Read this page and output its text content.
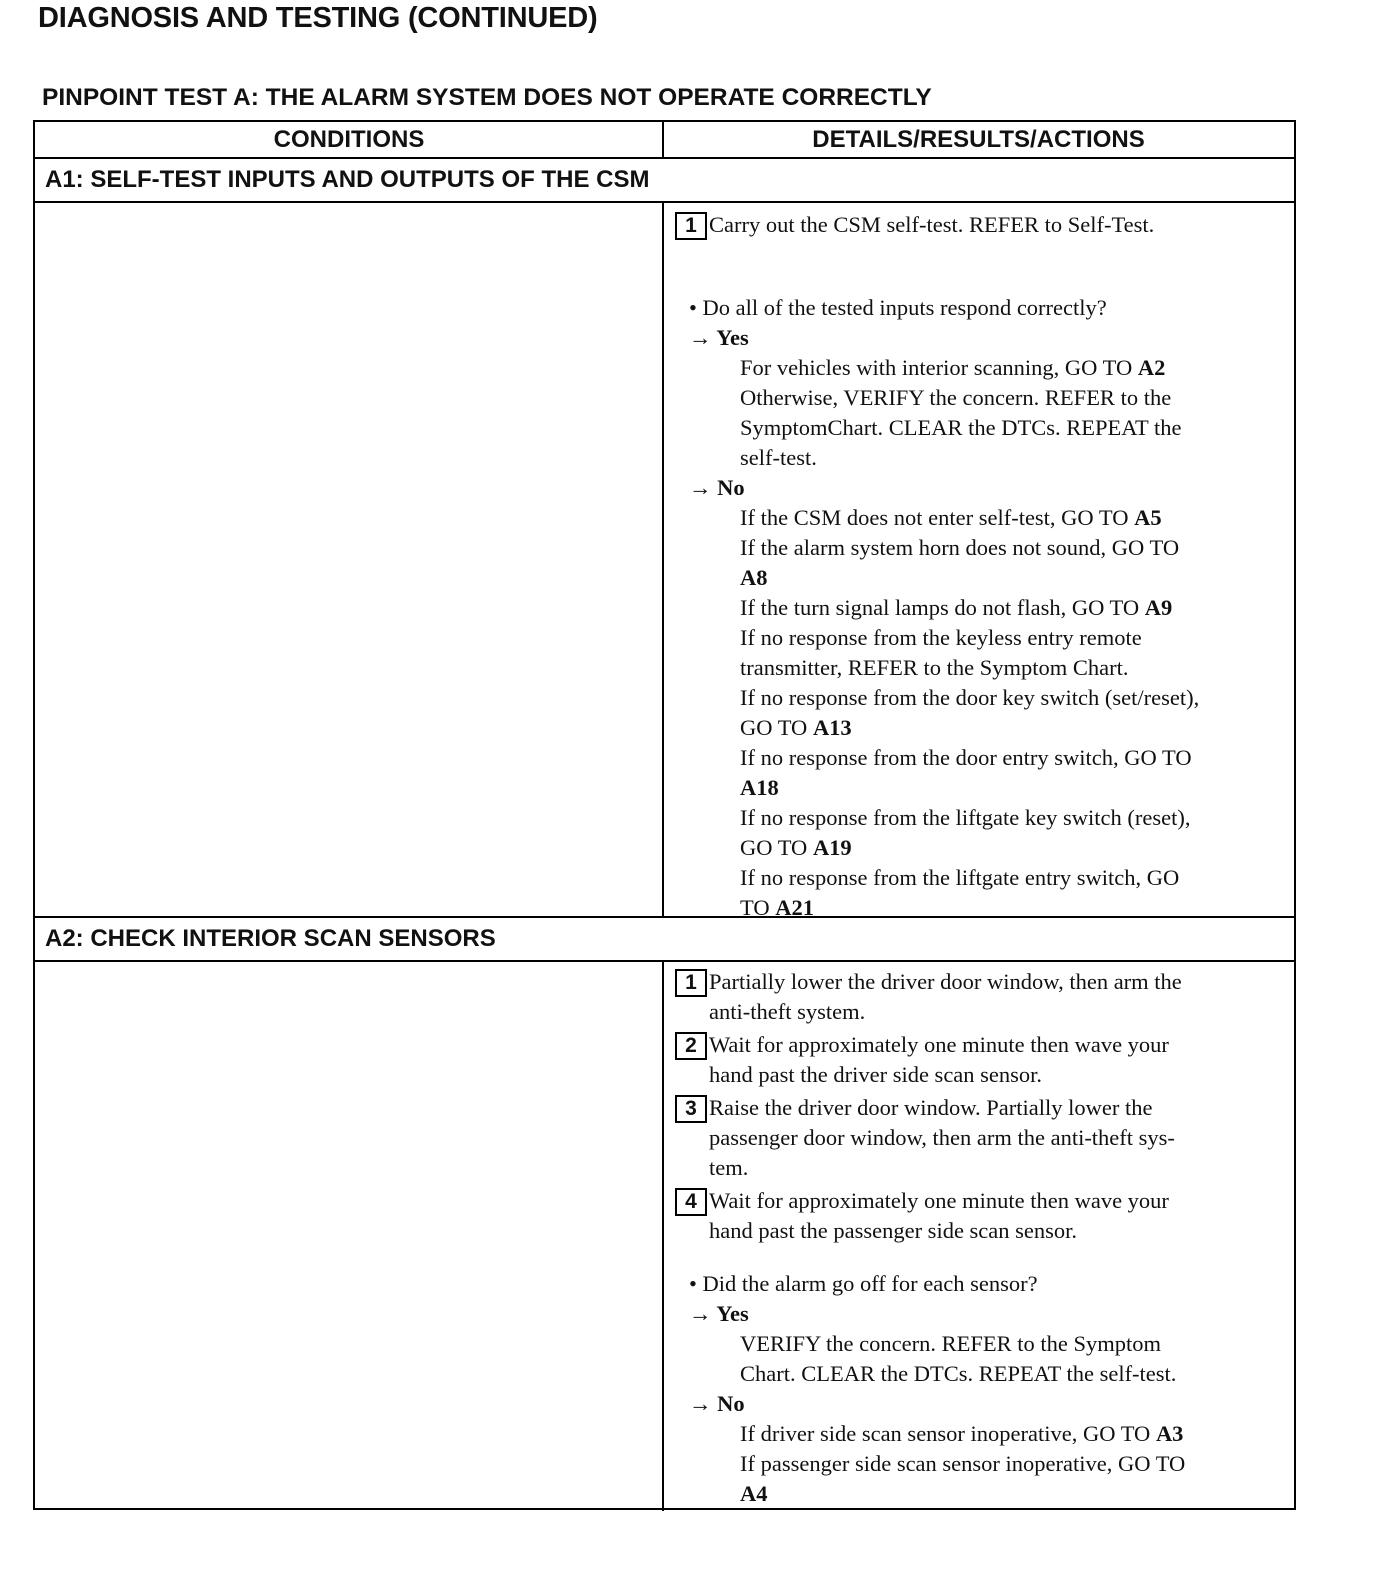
DIAGNOSIS AND TESTING (CONTINUED)
PINPOINT TEST A: THE ALARM SYSTEM DOES NOT OPERATE CORRECTLY
CONDITIONS	DETAILS/RESULTS/ACTIONS
A1: SELF-TEST INPUTS AND OUTPUTS OF THE CSM
1 Carry out the CSM self-test. REFER to Self-Test.
• Do all of the tested inputs respond correctly?
→ Yes
For vehicles with interior scanning, GO TO A2
Otherwise, VERIFY the concern. REFER to the
SymptomChart. CLEAR the DTCs. REPEAT the
self-test.
→ No
If the CSM does not enter self-test, GO TO A5
If the alarm system horn does not sound, GO TO
A8
If the turn signal lamps do not flash, GO TO A9
If no response from the keyless entry remote
transmitter, REFER to the Symptom Chart.
If no response from the door key switch (set/reset),
GO TO A13
If no response from the door entry switch, GO TO
A18
If no response from the liftgate key switch (reset),
GO TO A19
If no response from the liftgate entry switch, GO
TO A21
A2: CHECK INTERIOR SCAN SENSORS
1 Partially lower the driver door window, then arm the
anti-theft system.
2 Wait for approximately one minute then wave your
hand past the driver side scan sensor.
3 Raise the driver door window. Partially lower the
passenger door window, then arm the anti-theft sys-
tem.
4 Wait for approximately one minute then wave your
hand past the passenger side scan sensor.
• Did the alarm go off for each sensor?
→ Yes
VERIFY the concern. REFER to the Symptom
Chart. CLEAR the DTCs. REPEAT the self-test.
→ No
If driver side scan sensor inoperative, GO TO A3
If passenger side scan sensor inoperative, GO TO
A4
